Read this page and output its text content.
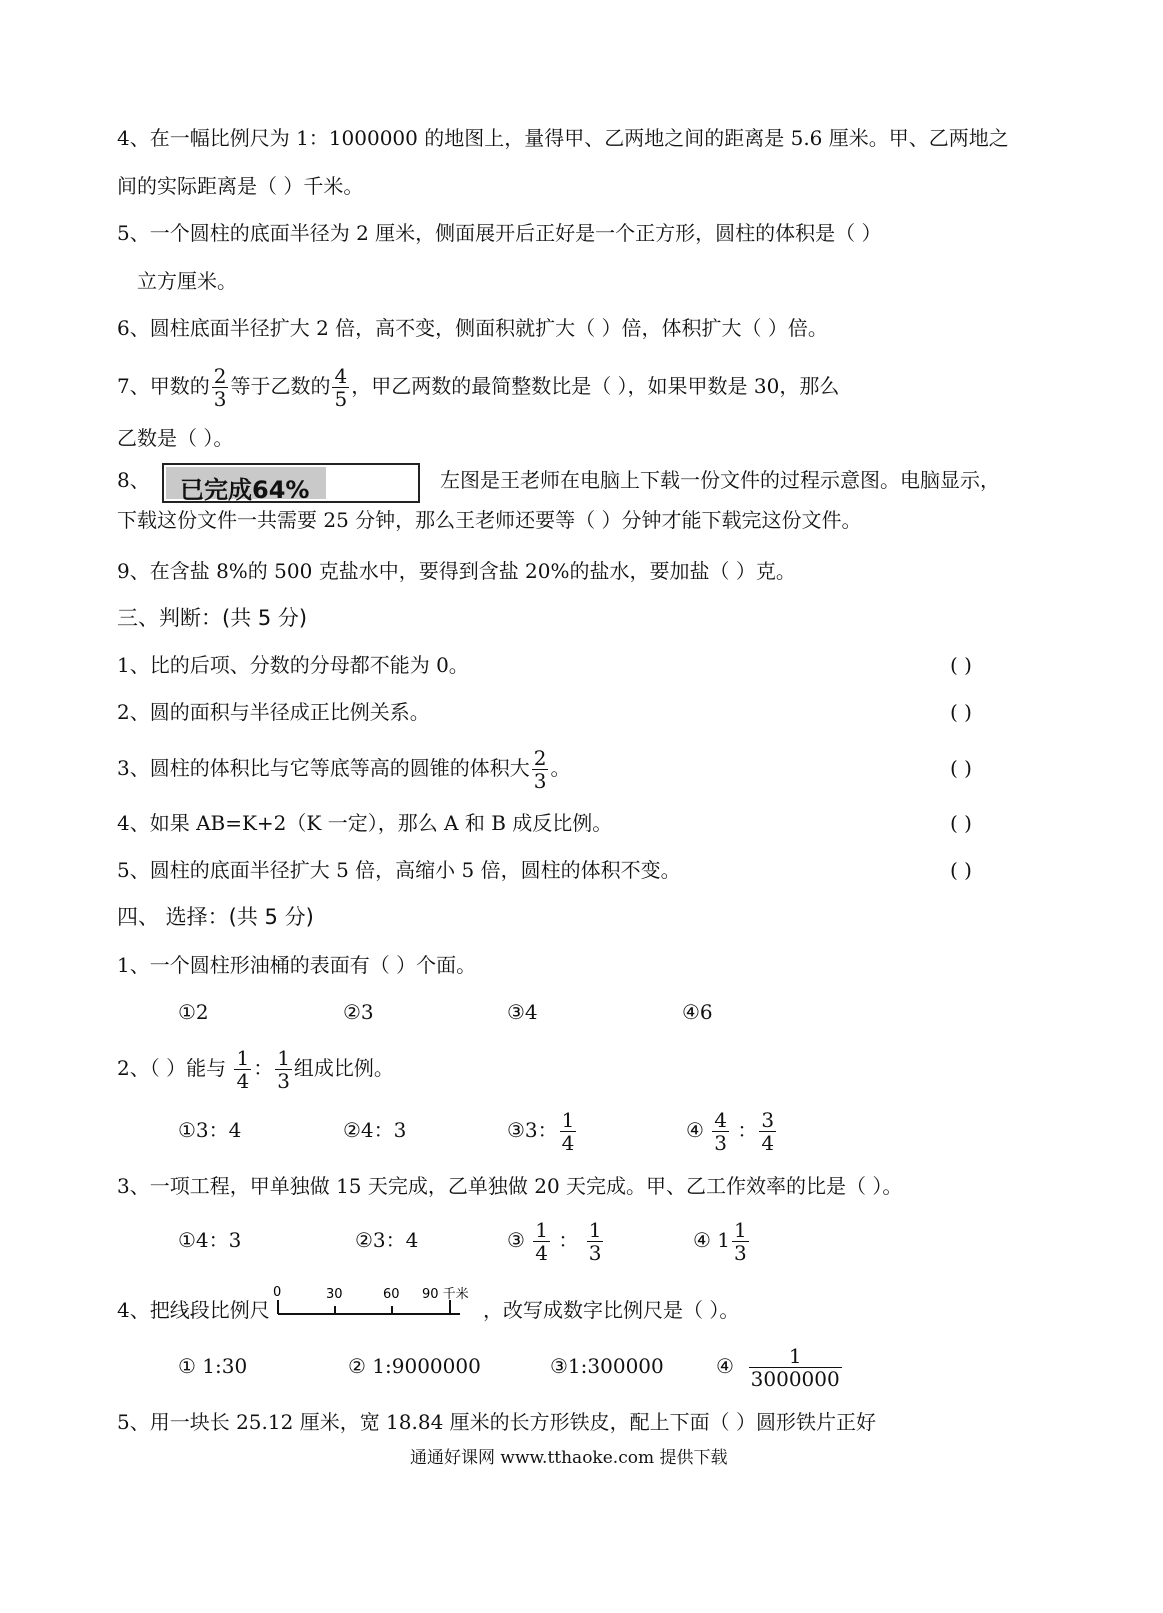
4、在一幅比例尺为 1：1000000 的地图上，量得甲、乙两地之间的距离是 5.6 厘米。甲、乙两地之
间的实际距离是（ ）千米。
5、一个圆柱的底面半径为 2 厘米，侧面展开后正好是一个正方形，圆柱的体积是（ ）
立方厘米。
6、圆柱底面半径扩大 2 倍，高不变，侧面积就扩大（ ）倍，体积扩大（ ）倍。
7、甲数的 $\frac{2}{3}$ 等于乙数的 $\frac{4}{5}$ ，甲乙两数的最简整数比是（ ），如果甲数是 30，那么
乙数是（ ）。
8、 已完成64%	左图是王老师在电脑上下载一份文件的过程示意图。电脑显示，
下载这份文件一共需要 25 分钟，那么王老师还要等（ ）分钟才能下载完这份文件。
9、在含盐 8%的 500 克盐水中，要得到含盐 20%的盐水，要加盐（ ）克。
三、判断：(共 5 分)
1、比的后项、分数的分母都不能为 0。	( )
2、圆的面积与半径成正比例关系。	( )
3、圆柱的体积比与它等底等高的圆锥的体积大 $\frac{2}{3}$ 。	( )
4、如果 AB=K+2（K 一定），那么 A 和 B 成反比例。	( )
5、圆柱的底面半径扩大 5 倍，高缩小 5 倍，圆柱的体积不变。	( )
四、 选择：(共 5 分)
1、一个圆柱形油桶的表面有（ ）个面。
①2	②3	③4	④6
2、（ ）能与 $\frac{1}{4}$ ： $\frac{1}{3}$ 组成比例。
①3：4	②4：3	③3： $\frac{1}{4}$	④ $\frac{4}{3}$ ： $\frac{3}{4}$
3、一项工程，甲单独做 15 天完成，乙单独做 20 天完成。甲、乙工作效率的比是（ ）。
①4：3	②3：4	③ $\frac{1}{4}$ ： $\frac{1}{3}$	④ $1 \frac{1}{3}$
4、把线段比例尺
0	30	60 90 千米
，改写成数字比例尺是（ ）。
① 1:30	② 1:9000000	③1:300000	④ $\frac{1}{3000000}$
5、用一块长 25.12 厘米，宽 18.84 厘米的长方形铁皮，配上下面（ ）圆形铁片正好
通通好课网 www.tthaoke.com 提供下载
